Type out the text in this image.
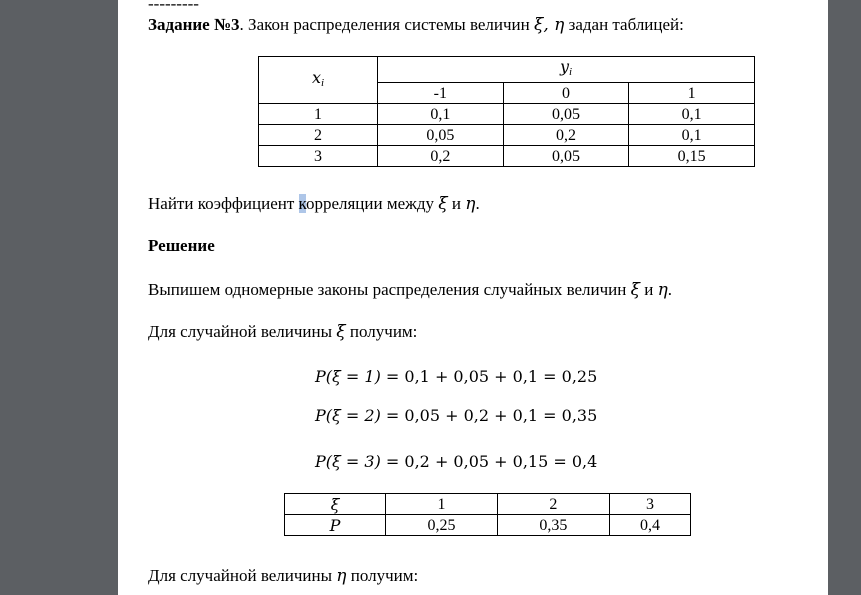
---------
Задание №3. Закон распределения системы величин ξ, η задан таблицей:
$x_i$	$y_i$
	-1	0	1
1	0,1	0,05	0,1
2	0,05	0,2	0,1
3	0,2	0,05	0,15
Найти коэффициент корреляции между ξ и η.
Решение
Выпишем одномерные законы распределения случайных величин ξ и η.
Для случайной величины ξ получим:
P(ξ = 1) = 0,1 + 0,05 + 0,1 = 0,25
P(ξ = 2) = 0,05 + 0,2 + 0,1 = 0,35
P(ξ = 3) = 0,2 + 0,05 + 0,15 = 0,4
ξ	1	2	3
P	0,25	0,35	0,4
Для случайной величины η получим:
